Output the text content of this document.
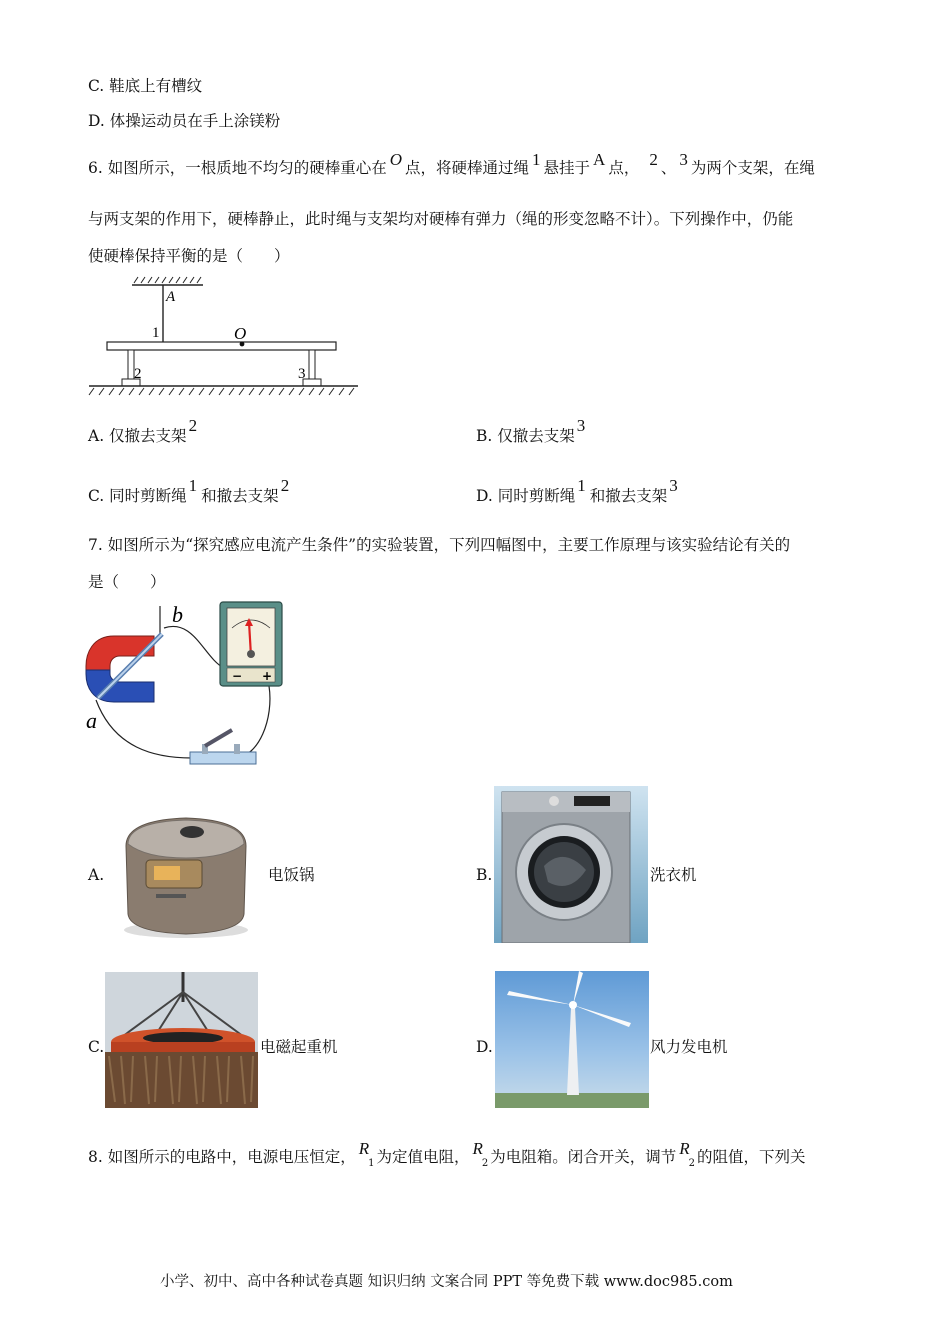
C. 鞋底上有槽纹
D. 体操运动员在手上涂镁粉
6. 如图所示，一根质地不均匀的硬棒重心在 O 点，将硬棒通过绳 1 悬挂于 A 点， 2 、 3 为两个支架，在绳
与两支架的作用下，硬棒静止，此时绳与支架均对硬棒有弹力（绳的形变忽略不计）。下列操作中，仍能
使硬棒保持平衡的是（　　）
A
1	O
2	3
A. 仅撤去支架2
B. 仅撤去支架3
C. 同时剪断绳1和撤去支架2
D. 同时剪断绳1和撤去支架3
7. 如图所示为“探究感应电流产生条件”的实验装置，下列四幅图中，主要工作原理与该实验结论有关的
是（　　）
− +
b
a
A.	电饭锅	B.	洗衣机
C.	电磁起重机	D.	风力发电机
8. 如图所示的电路中，电源电压恒定， $R_1$ 为定值电阻， $R_2$ 为电阻箱。闭合开关，调节 $R_2$ 的阻值，下列关
小学、初中、高中各种试卷真题 知识归纳 文案合同 PPT 等免费下载 www.doc985.com
